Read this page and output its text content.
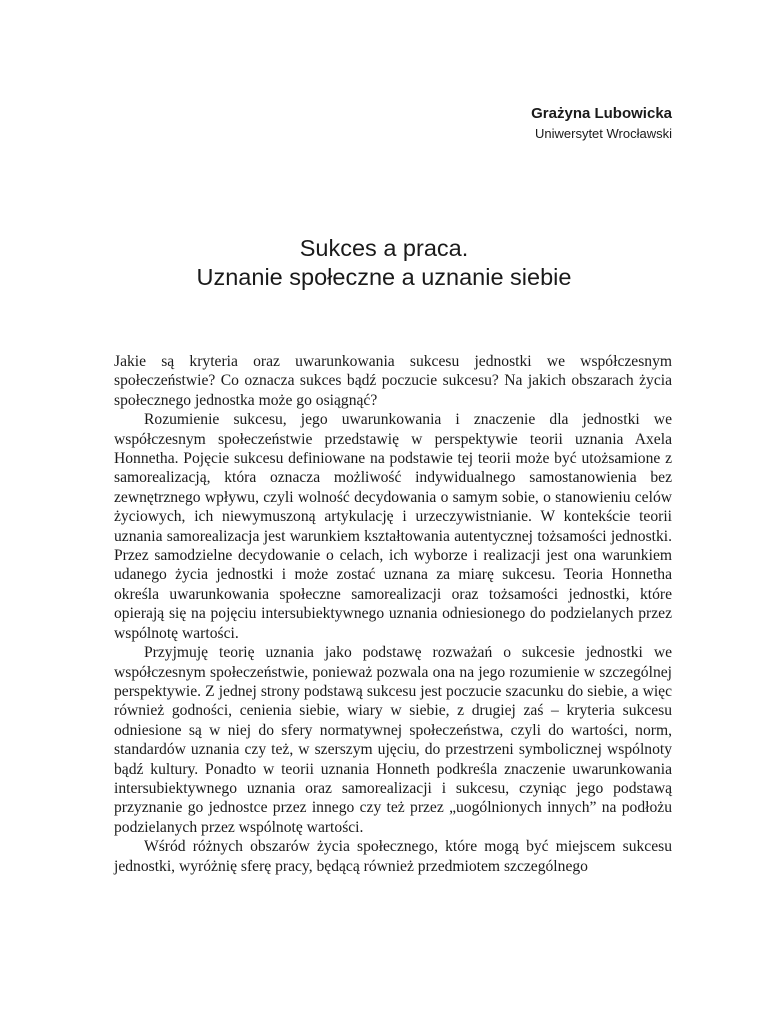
Grażyna Lubowicka
Uniwersytet Wrocławski
Sukces a praca.
Uznanie społeczne a uznanie siebie

Jakie są kryteria oraz uwarunkowania sukcesu jednostki we współczesnym społeczeństwie? Co oznacza sukces bądź poczucie sukcesu? Na jakich obszarach życia społecznego jednostka może go osiągnąć?

Rozumienie sukcesu, jego uwarunkowania i znaczenie dla jednostki we współczesnym społeczeństwie przedstawię w perspektywie teorii uznania Axela Honnetha. Pojęcie sukcesu definiowane na podstawie tej teorii może być utożsamione z samorealizacją, która oznacza możliwość indywidualnego samostanowienia bez zewnętrznego wpływu, czyli wolność decydowania o samym sobie, o stanowieniu celów życiowych, ich niewymuszoną artykulację i urzeczywistnianie. W kontekście teorii uznania samorealizacja jest warunkiem kształtowania autentycznej tożsamości jednostki. Przez samodzielne decydowanie o celach, ich wyborze i realizacji jest ona warunkiem udanego życia jednostki i może zostać uznana za miarę sukcesu. Teoria Honnetha określa uwarunkowania społeczne samorealizacji oraz tożsamości jednostki, które opierają się na pojęciu intersubiektywnego uznania odniesionego do podzielanych przez wspólnotę wartości.

Przyjmuję teorię uznania jako podstawę rozważań o sukcesie jednostki we współczesnym społeczeństwie, ponieważ pozwala ona na jego rozumienie w szczególnej perspektywie. Z jednej strony podstawą sukcesu jest poczucie szacunku do siebie, a więc również godności, cenienia siebie, wiary w siebie, z drugiej zaś – kryteria sukcesu odniesione są w niej do sfery normatywnej społeczeństwa, czyli do wartości, norm, standardów uznania czy też, w szerszym ujęciu, do przestrzeni symbolicznej wspólnoty bądź kultury. Ponadto w teorii uznania Honneth podkreśla znaczenie uwarunkowania intersubiektywnego uznania oraz samorealizacji i sukcesu, czyniąc jego podstawą przyznanie go jednostce przez innego czy też przez „uogólnionych innych” na podłożu podzielanych przez wspólnotę wartości.

Wśród różnych obszarów życia społecznego, które mogą być miejscem sukcesu jednostki, wyróżnię sferę pracy, będącą również przedmiotem szczególnego
